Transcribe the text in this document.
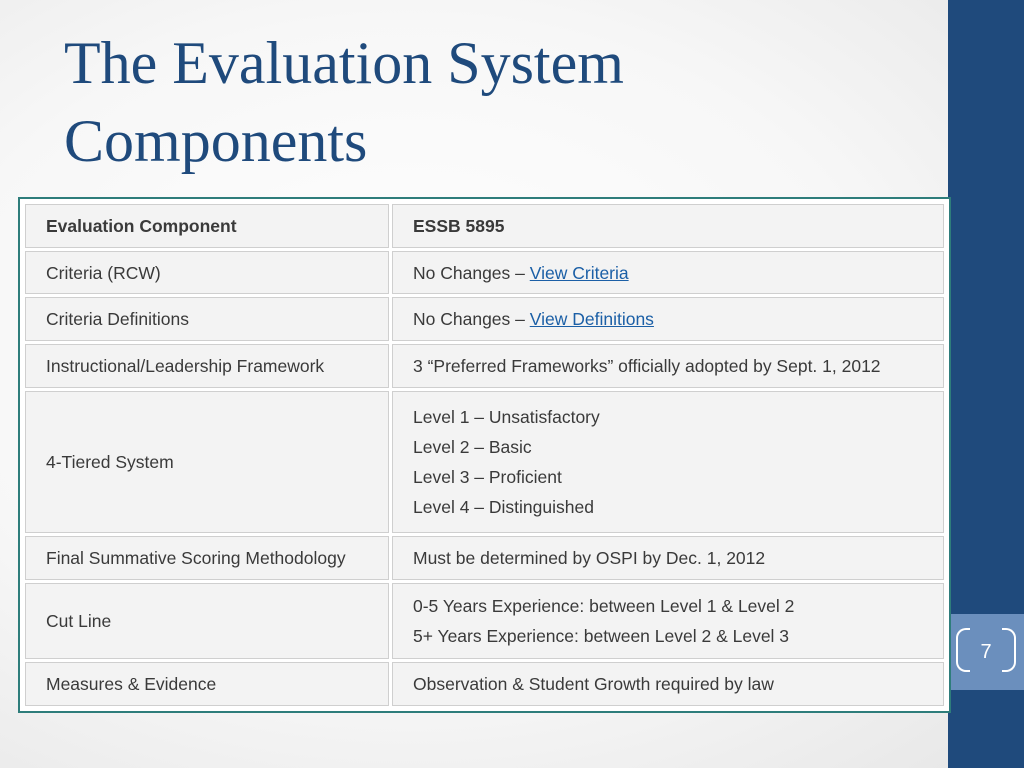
7
The Evaluation System
Components
Evaluation Component	ESSB 5895
Criteria (RCW)	No Changes – View Criteria

Criteria Definitions	No Changes – View Definitions

Instructional/Leadership Framework	3 “Preferred Frameworks” officially adopted by Sept. 1, 2012

4-Tiered System	Level 1 – Unsatisfactory
Level 2 – Basic
Level 3 – Proficient
Level 4 – Distinguished

Final Summative Scoring Methodology	Must be determined by OSPI by Dec. 1, 2012

Cut Line	0-5 Years Experience: between Level 1 & Level 2
5+ Years Experience: between Level 2 & Level 3

Measures & Evidence	Observation & Student Growth required by law
